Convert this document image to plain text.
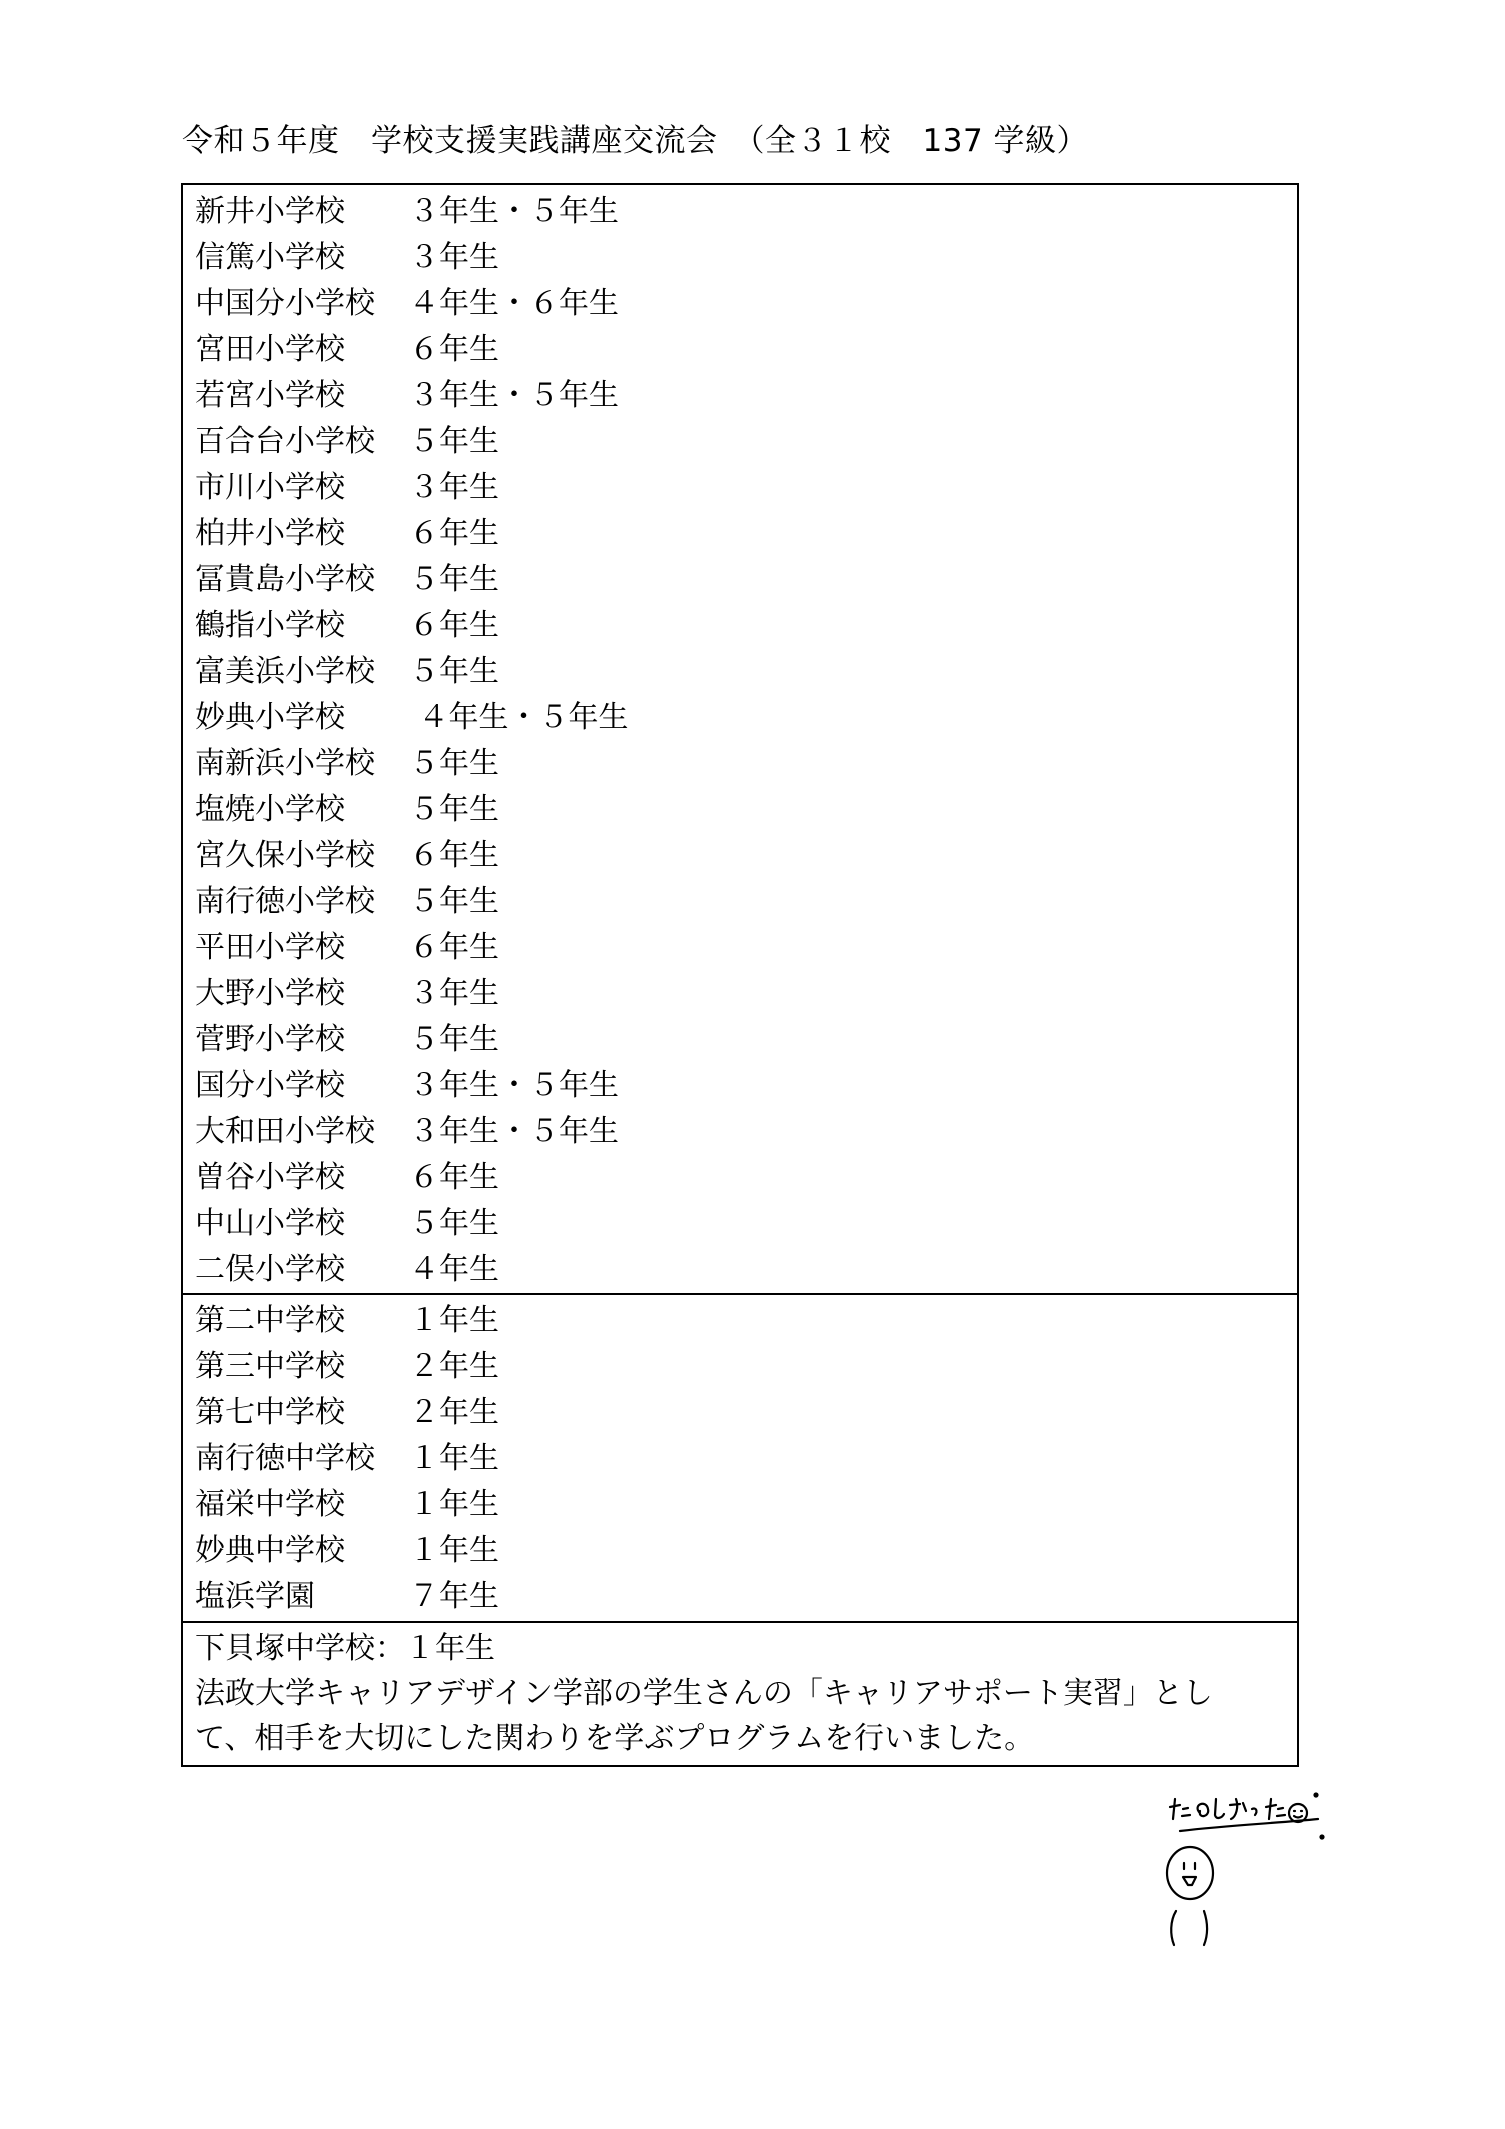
令和５年度　学校支援実践講座交流会　（全３１校　137 学級）
新井小学校 ３年生・５年生
信篤小学校 ３年生
中国分小学校 ４年生・６年生
宮田小学校 ６年生
若宮小学校 ３年生・５年生
百合台小学校 ５年生
市川小学校 ３年生
柏井小学校 ６年生
冨貴島小学校 ５年生
鶴指小学校 ６年生
富美浜小学校 ５年生
妙典小学校 ４年生・５年生
南新浜小学校 ５年生
塩焼小学校 ５年生
宮久保小学校 ６年生
南行徳小学校 ５年生
平田小学校 ６年生
大野小学校 ３年生
菅野小学校 ５年生
国分小学校 ３年生・５年生
大和田小学校 ３年生・５年生
曽谷小学校 ６年生
中山小学校 ５年生
二俣小学校 ４年生
第二中学校 １年生
第三中学校 ２年生
第七中学校 ２年生
南行徳中学校 １年生
福栄中学校 １年生
妙典中学校 １年生
塩浜学園	７年生
下貝塚中学校：１年生
法政大学キャリアデザイン学部の学生さんの「キャリアサポート実習」とし
て、相手を大切にした関わりを学ぶプログラムを行いました。
